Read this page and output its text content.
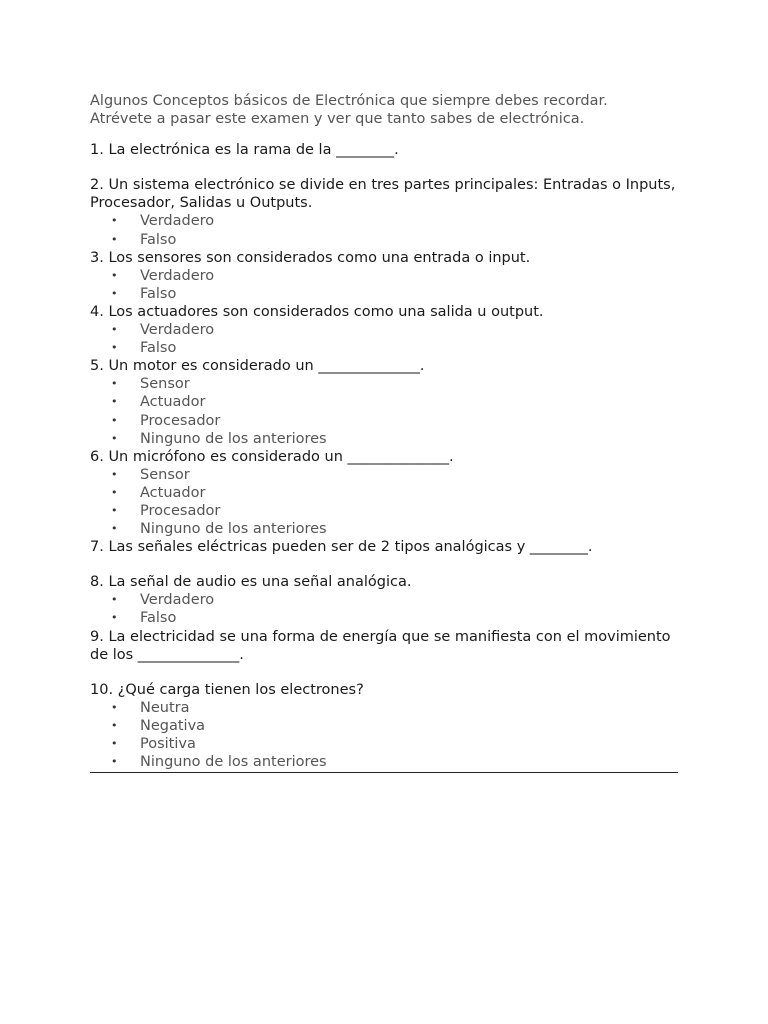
Algunos Conceptos básicos de Electrónica que siempre debes recordar.

Atrévete a pasar este examen y ver que tanto sabes de electrónica.

1. La electrónica es la rama de la ________.

2. Un sistema electrónico se divide en tres partes principales: Entradas o Inputs, Procesador, Salidas u Outputs.

• Verdadero
• Falso

3. Los sensores son considerados como una entrada o input.

• Verdadero
• Falso

4. Los actuadores son considerados como una salida u output.

• Verdadero
• Falso

5. Un motor es considerado un ______________.

• Sensor
• Actuador
• Procesador
• Ninguno de los anteriores

6. Un micrófono es considerado un ______________.

• Sensor
• Actuador
• Procesador
• Ninguno de los anteriores

7. Las señales eléctricas pueden ser de 2 tipos analógicas y ________.

8. La señal de audio es una señal analógica.

• Verdadero
• Falso

9. La electricidad se una forma de energía que se manifiesta con el movimiento de los ______________.

10. ¿Qué carga tienen los electrones?

• Neutra
• Negativa
• Positiva
• Ninguno de los anteriores
